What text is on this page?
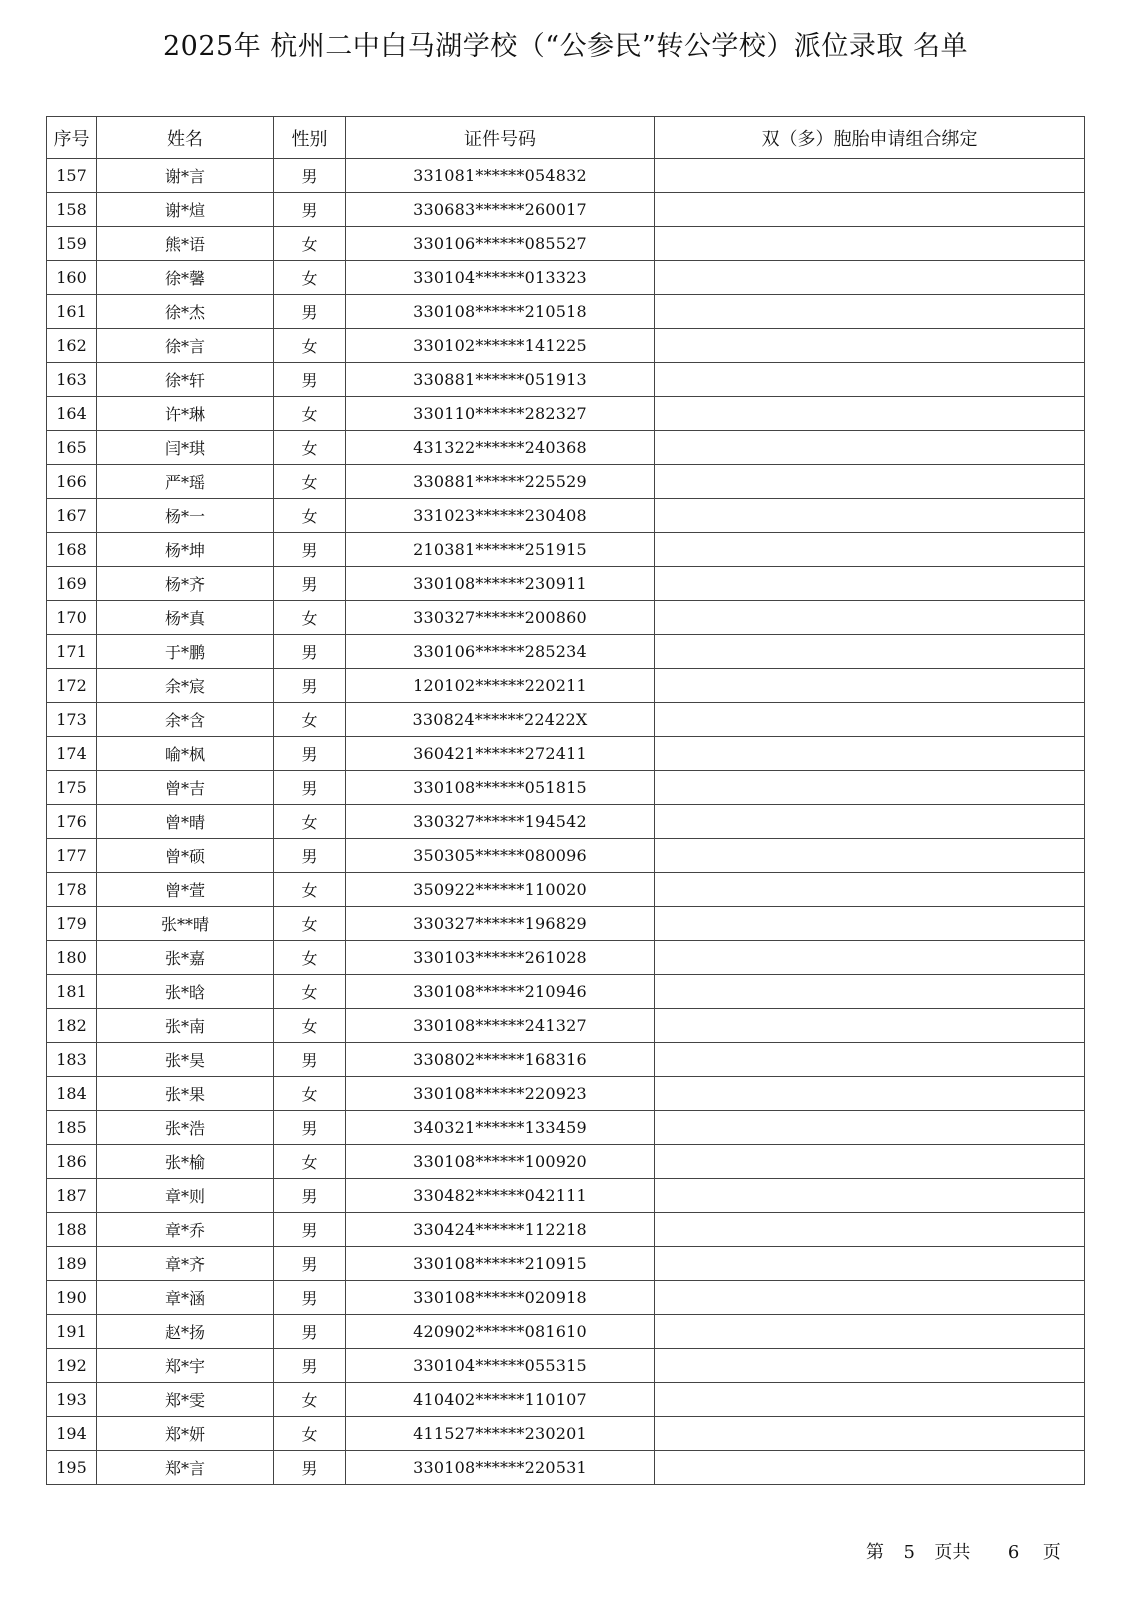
2025年 杭州二中白马湖学校（“公参民”转公学校）派位录取 名单
序号	姓名	性别	证件号码	双（多）胞胎申请组合绑定
157	谢*言	男	331081******054832	
158	谢*煊	男	330683******260017	
159	熊*语	女	330106******085527	
160	徐*馨	女	330104******013323	
161	徐*杰	男	330108******210518	
162	徐*言	女	330102******141225	
163	徐*轩	男	330881******051913	
164	许*琳	女	330110******282327	
165	闫*琪	女	431322******240368	
166	严*瑶	女	330881******225529	
167	杨*一	女	331023******230408	
168	杨*坤	男	210381******251915	
169	杨*齐	男	330108******230911	
170	杨*真	女	330327******200860	
171	于*鹏	男	330106******285234	
172	余*宸	男	120102******220211	
173	余*含	女	330824******22422X	
174	喻*枫	男	360421******272411	
175	曾*吉	男	330108******051815	
176	曾*晴	女	330327******194542	
177	曾*硕	男	350305******080096	
178	曾*萱	女	350922******110020	
179	张**晴	女	330327******196829	
180	张*嘉	女	330103******261028	
181	张*晗	女	330108******210946	
182	张*南	女	330108******241327	
183	张*昊	男	330802******168316	
184	张*果	女	330108******220923	
185	张*浩	男	340321******133459	
186	张*榆	女	330108******100920	
187	章*则	男	330482******042111	
188	章*乔	男	330424******112218	
189	章*齐	男	330108******210915	
190	章*涵	男	330108******020918	
191	赵*扬	男	420902******081610	
192	郑*宇	男	330104******055315	
193	郑*雯	女	410402******110107	
194	郑*妍	女	411527******230201	
195	郑*言	男	330108******220531	
第 5 页共 6 页
